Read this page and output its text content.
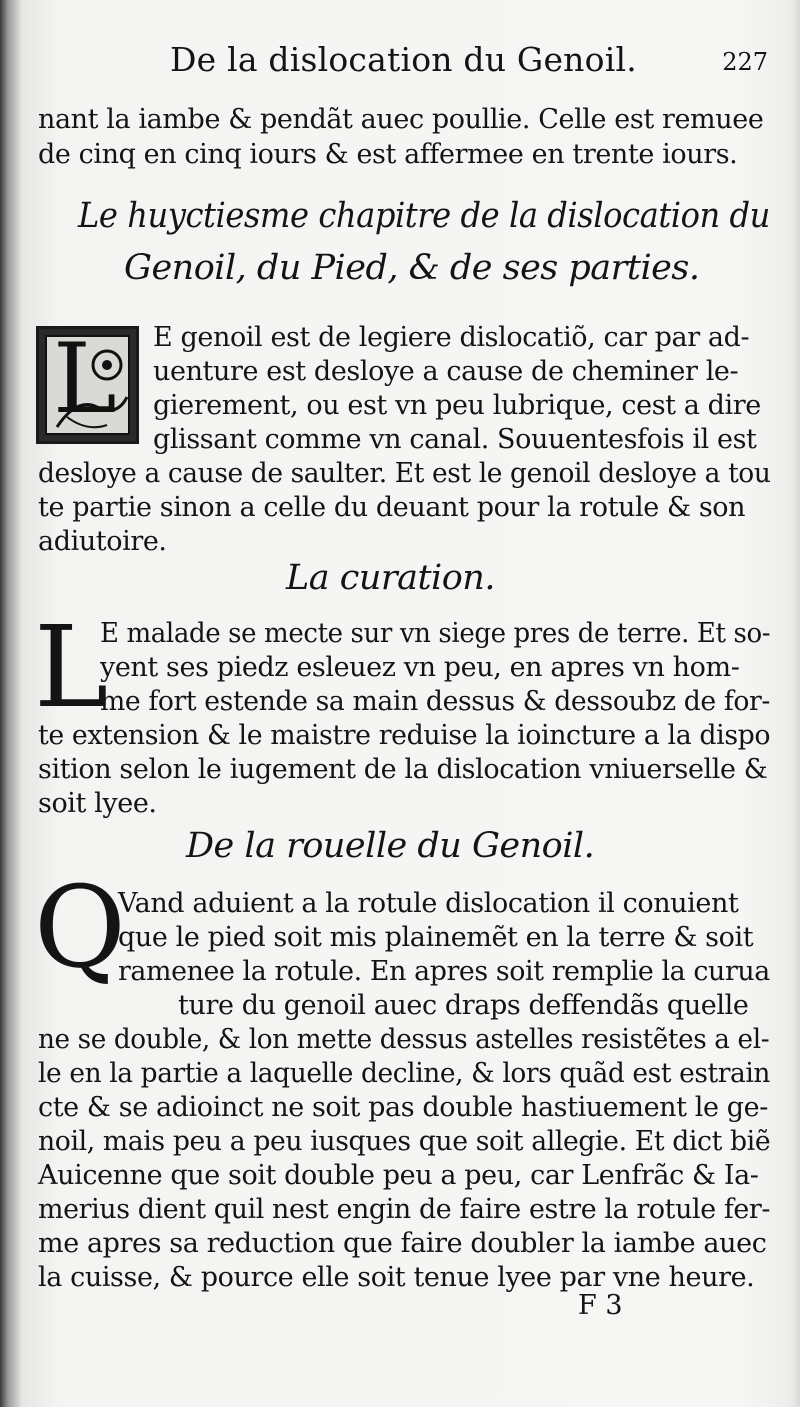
De la dislocation du Genoil.	227
nant la iambe & pendãt auec poullie. Celle est remuee
de cinq en cinq iours & est affermee en trente iours.
Le huyctiesme chapitre de la dislocation du
Genoil, du Pied, & de ses parties.
L E genoil est de legiere dislocatiõ, car par ad-
uenture est desloye a cause de cheminer le-
gierement, ou est vn peu lubrique, cest a dire
glissant comme vn canal. Souuentesfois il est
desloye a cause de saulter. Et est le genoil desloye a tou
te partie sinon a celle du deuant pour la rotule & son
adiutoire.
La curation.
L
E malade se mecte sur vn siege pres de terre. Et so-
yent ses piedz esleuez vn peu, en apres vn hom-
me fort estende sa main dessus & dessoubz de for-
te extension & le maistre reduise la ioincture a la dispo
sition selon le iugement de la dislocation vniuerselle &
soit lyee.
De la rouelle du Genoil.
Q
Vand aduient a la rotule dislocation il conuient
que le pied soit mis plainemẽt en la terre & soit
ramenee la rotule. En apres soit remplie la curua
ture du genoil auec draps deffendãs quelle
ne se double, & lon mette dessus astelles resistẽtes a el-
le en la partie a laquelle decline, & lors quãd est estrain
cte & se adioinct ne soit pas double hastiuement le ge-
noil, mais peu a peu iusques que soit allegie. Et dict biẽ
Auicenne que soit double peu a peu, car Lenfrãc & Ia-
merius dient quil nest engin de faire estre la rotule fer-
me apres sa reduction que faire doubler la iambe auec
la cuisse, & pource elle soit tenue lyee par vne heure.
F 3
